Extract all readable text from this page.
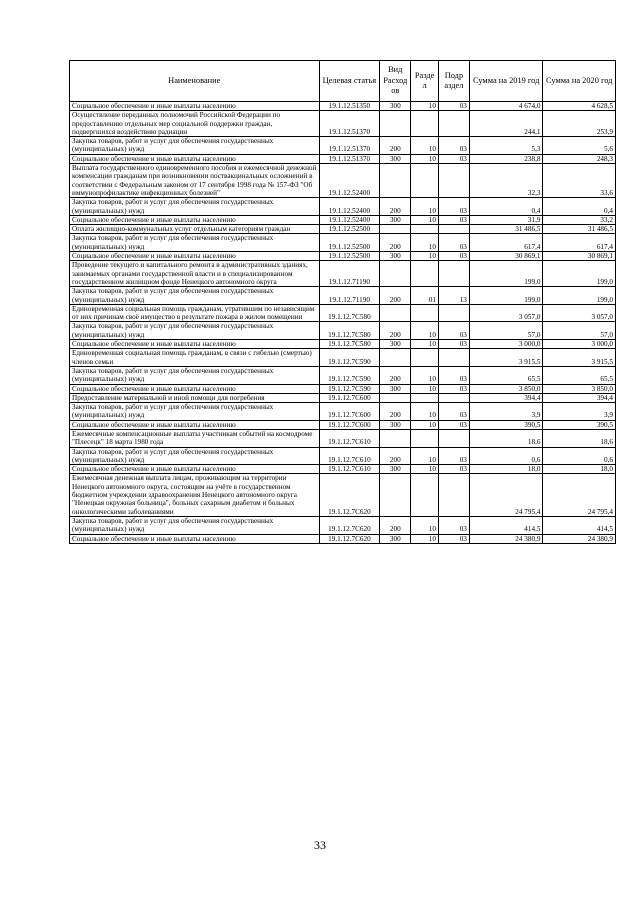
Наименование	Целевая статья	Вид Расход ов	Разде л	Подр аздел	Сумма на 2019 год	Сумма на 2020 год
Социальное обеспечение и иные выплаты населению	19.1.12.51350	300	10	03	4 674,0	4 628,5
Осуществление переданных полномочий Российской Федерации по предоставлению отдельных мер социальной поддержки граждан, подвергшихся воздействию радиации	19.1.12.51370				244,1	253,9
Закупка товаров, работ и услуг для обеспечения государственных (муниципальных) нужд	19.1.12.51370	200	10	03	5,3	5,6
Социальное обеспечение и иные выплаты населению	19.1.12.51370	300	10	03	238,8	248,3
Выплата государственного единовременного пособия и ежемесячной денежной компенсации гражданам при возникновении поствакцинальных осложнений в соответствии с Федеральным законом от 17 сентября 1998 года № 157-ФЗ "Об иммунопрофилактике инфекционных болезней"	19.1.12.52400				32,3	33,6
Закупка товаров, работ и услуг для обеспечения государственных (муниципальных) нужд	19.1.12.52400	200	10	03	0,4	0,4
Социальное обеспечение и иные выплаты населению	19.1.12.52400	300	10	03	31,9	33,2
Оплата жилищно-коммунальных услуг отдельным категориям граждан	19.1.12.52500				31 486,5	31 486,5
Закупка товаров, работ и услуг для обеспечения государственных (муниципальных) нужд	19.1.12.52500	200	10	03	617,4	617,4
Социальное обеспечение и иные выплаты населению	19.1.12.52500	300	10	03	30 869,1	30 869,1
Проведение текущего и капитального ремонта в административных зданиях, занимаемых органами государственной власти и в специализированном государственном жилищном фонде Ненецкого автономного округа	19.1.12.71190				199,0	199,0
Закупка товаров, работ и услуг для обеспечения государственных (муниципальных) нужд	19.1.12.71190	200	01	13	199,0	199,0
Единовременная социальная помощь гражданам, утратившим по независящим от них причинам своё имущество в результате пожара в жилом помещении	19.1.12.7С580				3 057,0	3 057,0
Закупка товаров, работ и услуг для обеспечения государственных (муниципальных) нужд	19.1.12.7С580	200	10	03	57,0	57,0
Социальное обеспечение и иные выплаты населению	19.1.12.7С580	300	10	03	3 000,0	3 000,0
Единовременная социальная помощь гражданам, в связи с гибелью (смертью) членов семьи	19.1.12.7С590				3 915,5	3 915,5
Закупка товаров, работ и услуг для обеспечения государственных (муниципальных) нужд	19.1.12.7С590	200	10	03	65,5	65,5
Социальное обеспечение и иные выплаты населению	19.1.12.7С590	300	10	03	3 850,0	3 850,0
Предоставление материальной и иной помощи для погребения	19.1.12.7С600				394,4	394,4
Закупка товаров, работ и услуг для обеспечения государственных (муниципальных) нужд	19.1.12.7С600	200	10	03	3,9	3,9
Социальное обеспечение и иные выплаты населению	19.1.12.7С600	300	10	03	390,5	390,5
Ежемесячные компенсационные выплаты участникам событий на космодроме "Плесецк" 18 марта 1980 года	19.1.12.7С610				18,6	18,6
Закупка товаров, работ и услуг для обеспечения государственных (муниципальных) нужд	19.1.12.7С610	200	10	03	0,6	0,6
Социальное обеспечение и иные выплаты населению	19.1.12.7С610	300	10	03	18,0	18,0
Ежемесячная денежная выплата лицам, проживающим на территории Ненецкого автономного округа, состоящим на учёте в государственном бюджетном учреждении здравоохранения Ненецкого автономного округа "Ненецкая окружная больница", больных сахарным диабетом и больных онкологическими заболеваниями	19.1.12.7С620				24 795,4	24 795,4
Закупка товаров, работ и услуг для обеспечения государственных (муниципальных) нужд	19.1.12.7С620	200	10	03	414,5	414,5
Социальное обеспечение и иные выплаты населению	19.1.12.7С620	300	10	03	24 380,9	24 380,9
33
